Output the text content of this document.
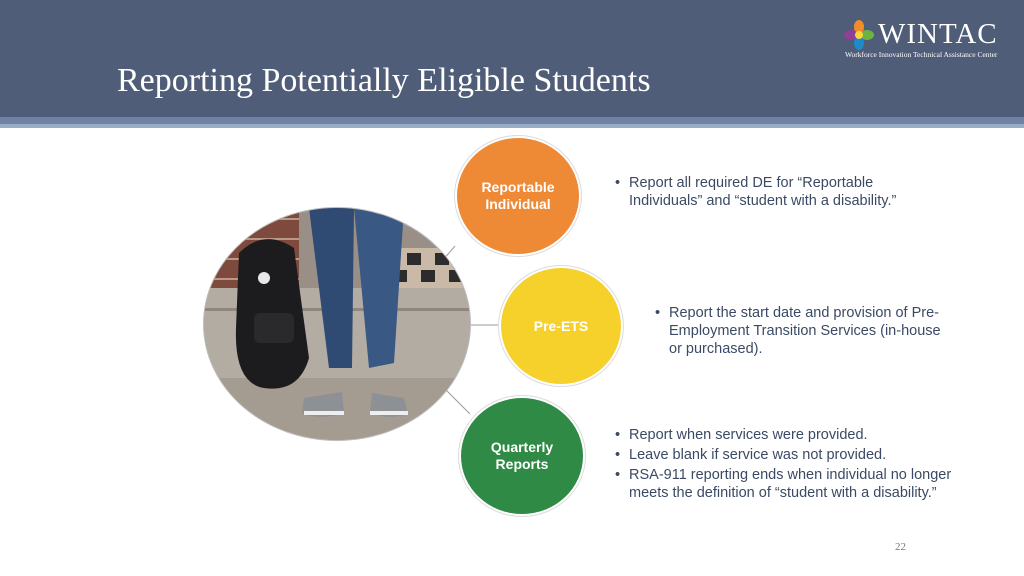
Reporting Potentially Eligible Students
WINTAC
Workforce Innovation Technical Assistance Center
Reportable
Individual
Pre-ETS
Quarterly
Reports
• Report all required DE for “Reportable Individuals” and “student with a disability.”
• Report the start date and provision of Pre-Employment Transition Services (in-house or purchased).
• Report when services were provided.
• Leave blank if service was not provided.
• RSA-911 reporting ends when individual no longer meets the definition of “student with a disability.”
22
